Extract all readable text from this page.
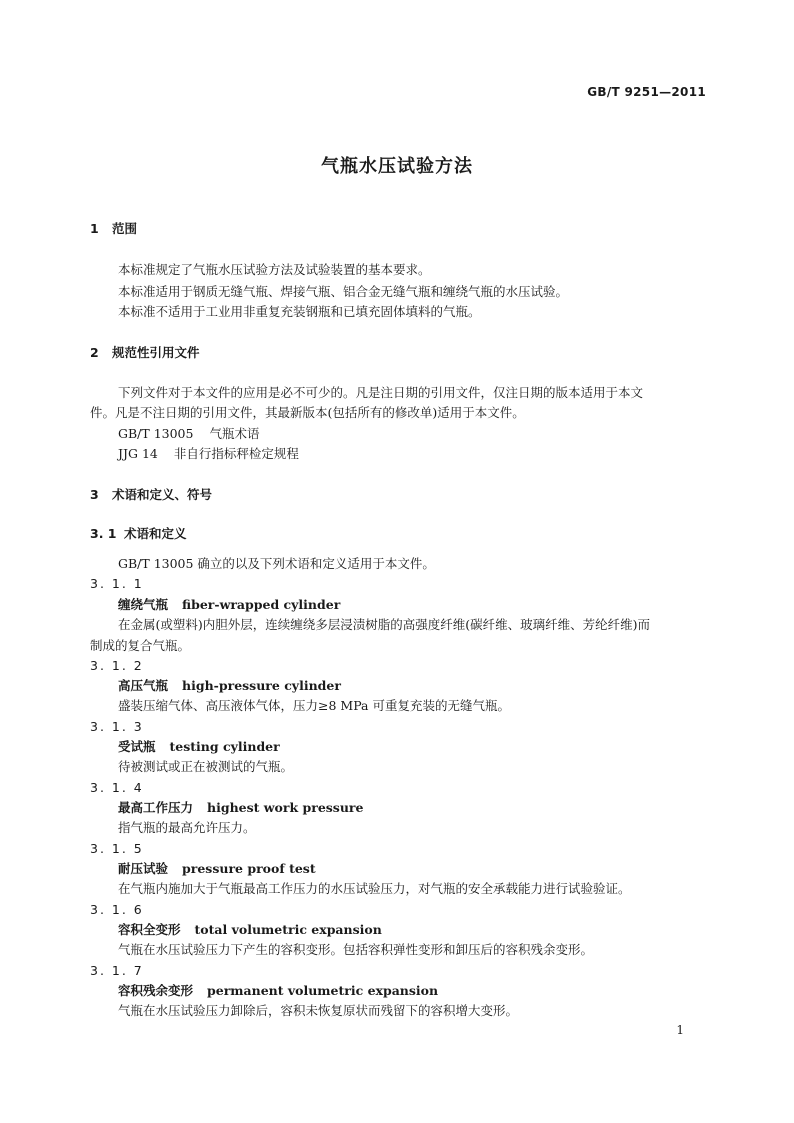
GB/T 9251—2011
气瓶水压试验方法
1 范围
本标准规定了气瓶水压试验方法及试验装置的基本要求。
本标准适用于钢质无缝气瓶、焊接气瓶、铝合金无缝气瓶和缠绕气瓶的水压试验。
本标准不适用于工业用非重复充装钢瓶和已填充固体填料的气瓶。
2 规范性引用文件
下列文件对于本文件的应用是必不可少的。凡是注日期的引用文件，仅注日期的版本适用于本文
件。凡是不注日期的引用文件，其最新版本(包括所有的修改单)适用于本文件。
GB/T 13005 气瓶术语
JJG 14 非自行指标秤检定规程
3 术语和定义、符号
3. 1 术语和定义
GB/T 13005 确立的以及下列术语和定义适用于本文件。
3. 1. 1
缠绕气瓶 fiber-wrapped cylinder
在金属(或塑料)内胆外层，连续缠绕多层浸渍树脂的高强度纤维(碳纤维、玻璃纤维、芳纶纤维)而
制成的复合气瓶。
3. 1. 2
高压气瓶 high-pressure cylinder
盛装压缩气体、高压液体气体，压力≥8 MPa 可重复充装的无缝气瓶。
3. 1. 3
受试瓶 testing cylinder
待被测试或正在被测试的气瓶。
3. 1. 4
最高工作压力 highest work pressure
指气瓶的最高允许压力。
3. 1. 5
耐压试验 pressure proof test
在气瓶内施加大于气瓶最高工作压力的水压试验压力，对气瓶的安全承载能力进行试验验证。
3. 1. 6
容积全变形 total volumetric expansion
气瓶在水压试验压力下产生的容积变形。包括容积弹性变形和卸压后的容积残余变形。
3. 1. 7
容积残余变形 permanent volumetric expansion
气瓶在水压试验压力卸除后，容积未恢复原状而残留下的容积增大变形。
1
